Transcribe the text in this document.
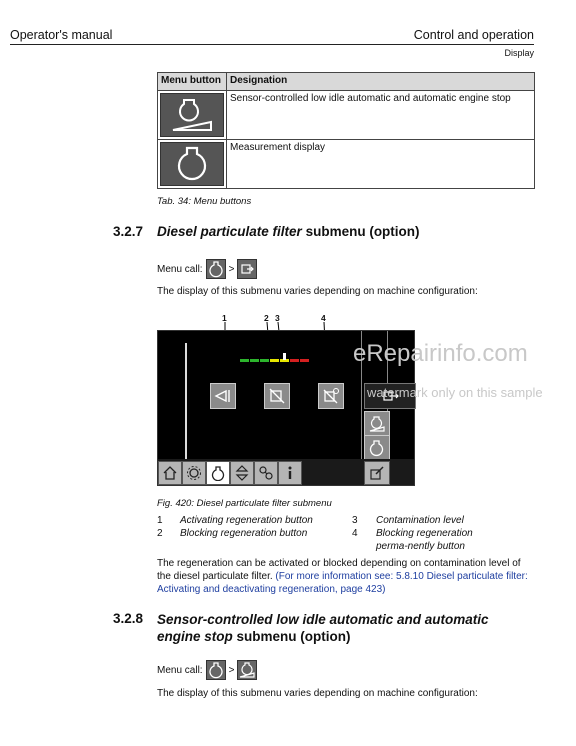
Operator's manual	Control and operation
Display
Menu button	Designation

	Sensor-controlled low idle automatic and automatic engine stop

	Measurement display
Tab. 34: Menu buttons
3.2.7 Diesel particulate filter submenu (option)
Menu call:	>
The display of this submenu varies depending on machine configuration:
1	2 3	4
eRepairinfo.com
watermark only on this sample
Fig. 420: Diesel particulate filter submenu
1 Activating regeneration button	3 Contamination level
2 Blocking regeneration button	4 Blocking regeneration perma-nently button
The regeneration can be activated or blocked depending on contamination level of the diesel particulate filter. (For more information see: 5.8.10 Diesel particulate filter: Activating and deactivating regeneration, page 423)
3.2.8 Sensor-controlled low idle automatic and automatic
engine stop submenu (option)
Menu call:	>
The display of this submenu varies depending on machine configuration:
